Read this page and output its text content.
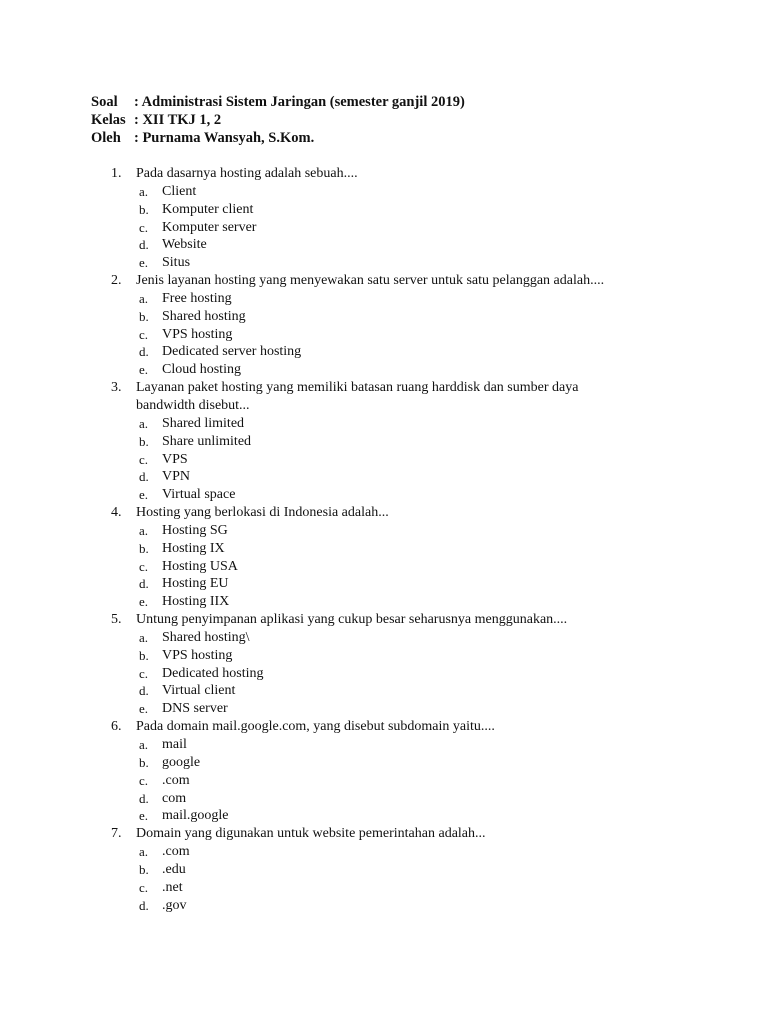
Soal	: Administrasi Sistem Jaringan (semester ganjil 2019)
Kelas : XII TKJ 1, 2
Oleh : Purnama Wansyah, S.Kom.
1.	Pada dasarnya hosting adalah sebuah....
a. Client
b. Komputer client
c. Komputer server
d. Website
e. Situs
2.	Jenis layanan hosting yang menyewakan satu server untuk satu pelanggan adalah....
a. Free hosting
b. Shared hosting
c. VPS hosting
d. Dedicated server hosting
e. Cloud hosting
3.	Layanan paket hosting yang memiliki batasan ruang harddisk dan sumber daya bandwidth disebut...
a. Shared limited
b. Share unlimited
c. VPS
d. VPN
e. Virtual space
4.	Hosting yang berlokasi di Indonesia adalah...
a. Hosting SG
b. Hosting IX
c. Hosting USA
d. Hosting EU
e. Hosting IIX
5.	Untung penyimpanan aplikasi yang cukup besar seharusnya menggunakan....
a. Shared hosting\
b. VPS hosting
c. Dedicated hosting
d. Virtual client
e. DNS server
6.	Pada domain mail.google.com, yang disebut subdomain yaitu....
a. mail
b. google
c. .com
d. com
e. mail.google
7.	Domain yang digunakan untuk website pemerintahan adalah...
a. .com
b. .edu
c. .net
d. .gov
